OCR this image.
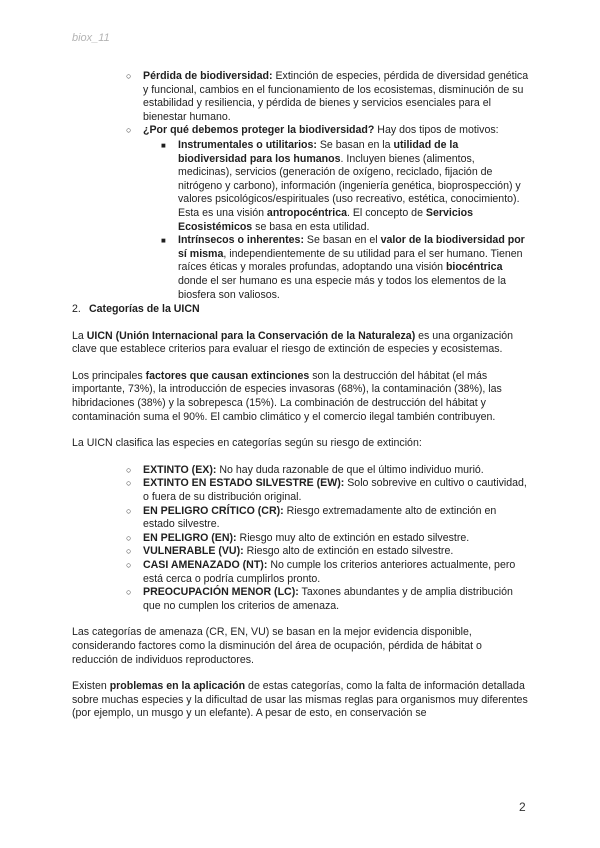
biox_11
○ Pérdida de biodiversidad: Extinción de especies, pérdida de diversidad genética y funcional, cambios en el funcionamiento de los ecosistemas, disminución de su estabilidad y resiliencia, y pérdida de bienes y servicios esenciales para el bienestar humano.
○ ¿Por qué debemos proteger la biodiversidad? Hay dos tipos de motivos:
■ Instrumentales o utilitarios: Se basan en la utilidad de la biodiversidad para los humanos. Incluyen bienes (alimentos, medicinas), servicios (generación de oxígeno, reciclado, fijación de nitrógeno y carbono), información (ingeniería genética, bioprospección) y valores psicológicos/espirituales (uso recreativo, estética, conocimiento). Esta es una visión antropocéntrica. El concepto de Servicios Ecosistémicos se basa en esta utilidad.
■ Intrínsecos o inherentes: Se basan en el valor de la biodiversidad por sí misma, independientemente de su utilidad para el ser humano. Tienen raíces éticas y morales profundas, adoptando una visión biocéntrica donde el ser humano es una especie más y todos los elementos de la biosfera son valiosos.
2. Categorías de la UICN

La UICN (Unión Internacional para la Conservación de la Naturaleza) es una organización clave que establece criterios para evaluar el riesgo de extinción de especies y ecosistemas.

Los principales factores que causan extinciones son la destrucción del hábitat (el más importante, 73%), la introducción de especies invasoras (68%), la contaminación (38%), las hibridaciones (38%) y la sobrepesca (15%). La combinación de destrucción del hábitat y contaminación suma el 90%. El cambio climático y el comercio ilegal también contribuyen.

La UICN clasifica las especies en categorías según su riesgo de extinción:

○ EXTINTO (EX): No hay duda razonable de que el último individuo murió.
○ EXTINTO EN ESTADO SILVESTRE (EW): Solo sobrevive en cultivo o cautividad, o fuera de su distribución original.
○ EN PELIGRO CRÍTICO (CR): Riesgo extremadamente alto de extinción en estado silvestre.
○ EN PELIGRO (EN): Riesgo muy alto de extinción en estado silvestre.
○ VULNERABLE (VU): Riesgo alto de extinción en estado silvestre.
○ CASI AMENAZADO (NT): No cumple los criterios anteriores actualmente, pero está cerca o podría cumplirlos pronto.
○ PREOCUPACIÓN MENOR (LC): Taxones abundantes y de amplia distribución que no cumplen los criterios de amenaza.

Las categorías de amenaza (CR, EN, VU) se basan en la mejor evidencia disponible, considerando factores como la disminución del área de ocupación, pérdida de hábitat o reducción de individuos reproductores.

Existen problemas en la aplicación de estas categorías, como la falta de información detallada sobre muchas especies y la dificultad de usar las mismas reglas para organismos muy diferentes (por ejemplo, un musgo y un elefante). A pesar de esto, en conservación se

2
